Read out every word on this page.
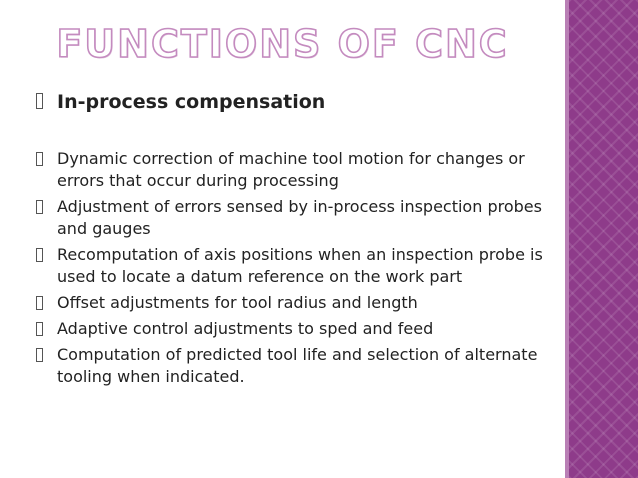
FUNCTIONS OF CNC
In-process compensation
Dynamic correction of machine tool motion for changes or errors that occur during processing
Adjustment of errors sensed by in-process inspection probes and gauges
Recomputation of axis positions when an inspection probe is used to locate a datum reference on the work part
Offset adjustments for tool radius and length
Adaptive control adjustments to sped and feed
Computation of predicted tool life and selection of alternate tooling when indicated.
